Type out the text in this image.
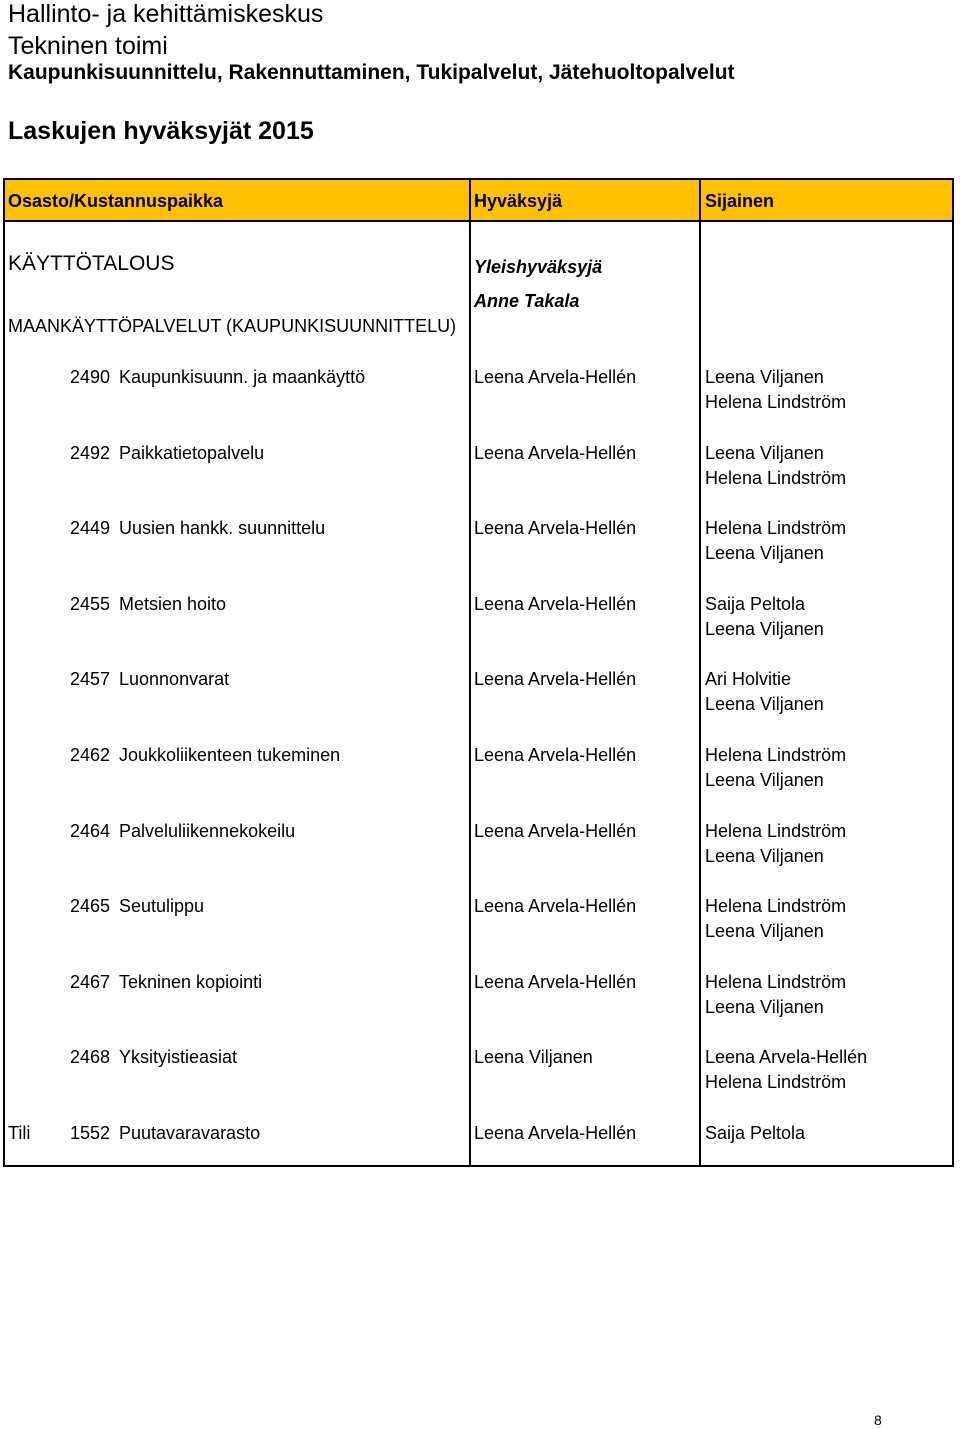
Hallinto- ja kehittämiskeskus
Tekninen toimi
Kaupunkisuunnittelu, Rakennuttaminen, Tukipalvelut, Jätehuoltopalvelut
Laskujen hyväksyjät 2015
Osasto/Kustannuspaikka	Hyväksyjä	Sijainen
KÄYTTÖTALOUS	Yleishyväksyjä
Anne Takala
MAANKÄYTTÖPALVELUT (KAUPUNKISUUNNITTELU)
2490 Kaupunkisuunn. ja maankäyttö	Leena Arvela-Hellén	Leena Viljanen
Helena Lindström
2492 Paikkatietopalvelu	Leena Arvela-Hellén	Leena Viljanen
Helena Lindström
2449 Uusien hankk. suunnittelu	Leena Arvela-Hellén	Helena Lindström
Leena Viljanen
2455 Metsien hoito	Leena Arvela-Hellén	Saija Peltola
Leena Viljanen
2457 Luonnonvarat	Leena Arvela-Hellén	Ari Holvitie
Leena Viljanen
2462 Joukkoliikenteen tukeminen	Leena Arvela-Hellén	Helena Lindström
Leena Viljanen
2464 Palveluliikennekokeilu	Leena Arvela-Hellén	Helena Lindström
Leena Viljanen
2465 Seutulippu	Leena Arvela-Hellén	Helena Lindström
Leena Viljanen
2467 Tekninen kopiointi	Leena Arvela-Hellén	Helena Lindström
Leena Viljanen
2468 Yksityistieasiat	Leena Viljanen	Leena Arvela-Hellén
Helena Lindström
Tili 1552 Puutavaravarasto	Leena Arvela-Hellén	Saija Peltola
8
